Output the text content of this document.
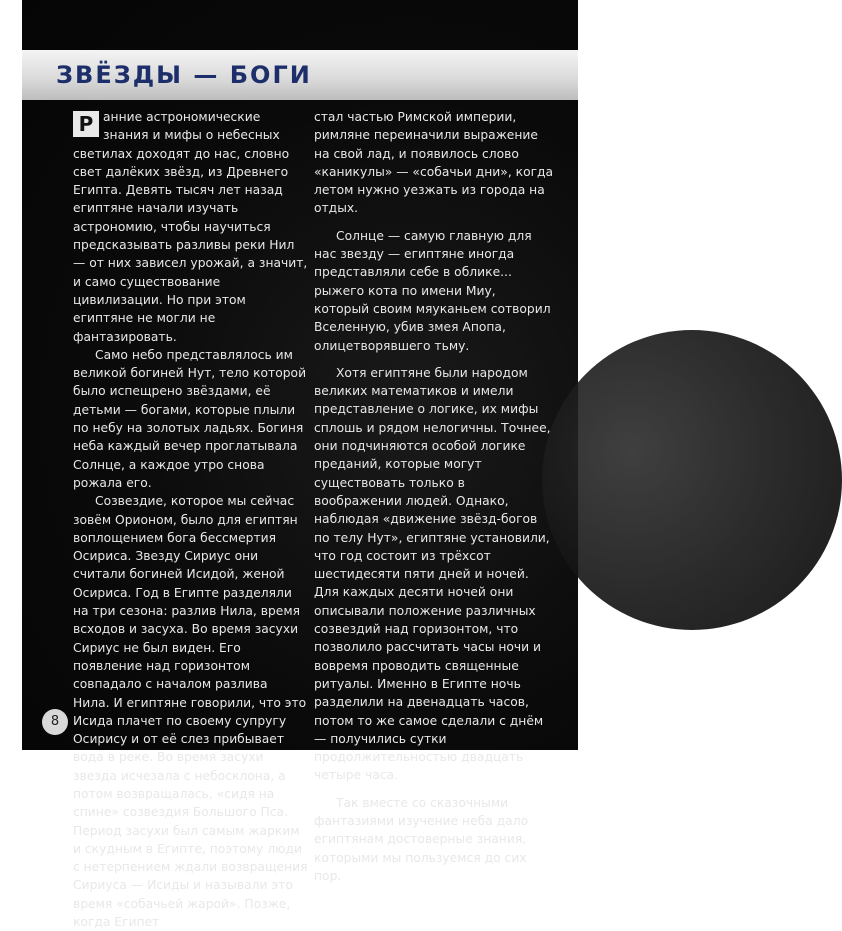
ЗВЁЗДЫ — БОГИ

Р анние астрономические знания и мифы о небесных светилах доходят до нас, словно свет далёких звёзд, из Древнего Египта. Девять тысяч лет назад египтяне начали изучать астрономию, чтобы научиться предсказывать разливы реки Нил — от них зависел урожай, а значит, и само существование цивилизации. Но при этом египтяне не могли не фантазировать.

Само небо представлялось им великой богиней Нут, тело которой было испещрено звёздами, её детьми — богами, которые плыли по небу на золотых ладьях. Богиня неба каждый вечер проглатывала Солнце, а каждое утро снова рожала его.

Созвездие, которое мы сейчас зовём Орионом, было для египтян воплощением бога бессмертия Осириса. Звезду Сириус они считали богиней Исидой, женой Осириса. Год в Египте разделяли на три сезона: разлив Нила, время всходов и засуха. Во время засухи Сириус не был виден. Его появление над горизонтом совпадало с началом разлива Нила. И египтяне говорили, что это Исида плачет по своему супругу Осирису и от её слез прибывает вода в реке. Во время засухи звезда исчезала с небосклона, а потом возвращалась, «сидя на спине» созвездия Большого Пса. Период засухи был самым жарким и скудным в Египте, поэтому люди с нетерпением ждали возвращения Сириуса — Исиды и называли это время «собачьей жарой». Позже, когда Египет

стал частью Римской империи, римляне переиначили выражение на свой лад, и появилось слово «каникулы» — «собачьи дни», когда летом нужно уезжать из города на отдых.

Солнце — самую главную для нас звезду — египтяне иногда представляли себе в облике... рыжего кота по имени Миу, который своим мяуканьем сотворил Вселенную, убив змея Апопа, олицетворявшего тьму.

Хотя египтяне были народом великих математиков и имели представление о логике, их мифы сплошь и рядом нелогичны. Точнее, они подчиняются особой логике преданий, которые могут существовать только в воображении людей. Однако, наблюдая «движение звёзд-богов по телу Нут», египтяне установили, что год состоит из трёхсот шестидесяти пяти дней и ночей. Для каждых десяти ночей они описывали положение различных созвездий над горизонтом, что позволило рассчитать часы ночи и вовремя проводить священные ритуалы. Именно в Египте ночь разделили на двенадцать часов, потом то же самое сделали с днём — получились сутки продолжительностью двадцать четыре часа.

Так вместе со сказочными фантазиями изучение неба дало египтянам достоверные знания, которыми мы пользуемся до сих пор.

8
